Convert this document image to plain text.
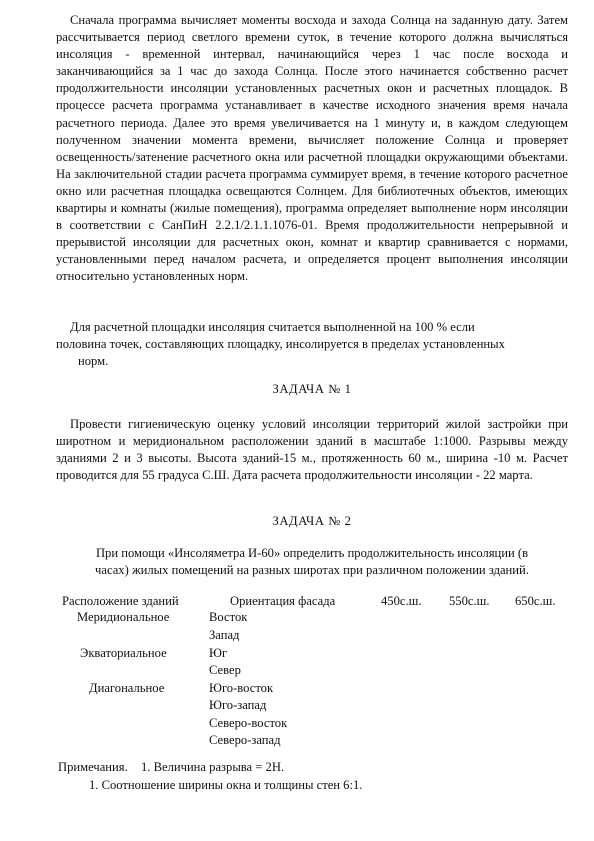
Сначала программа вычисляет моменты восхода и захода Солнца на заданную дату. Затем рассчитывается период светлого времени суток, в течение которого должна вычисляться инсоляция - временной интервал, начинающийся через 1 час после восхода и заканчивающийся за 1 час до захода Солнца. После этого начинается собственно расчет продолжительности инсоляции установленных расчетных окон и расчетных площадок. В процессе расчета программа устанавливает в качестве исходного значения время начала расчетного периода. Далее это время увеличивается на 1 минуту и, в каждом следующем полученном значении момента времени, вычисляет положение Солнца и проверяет освещенность/затенение расчетного окна или расчетной площадки окружающими объектами. На заключительной стадии расчета программа суммирует время, в течение которого расчетное окно или расчетная площадка освещаются Солнцем. Для библиотечных объектов, имеющих квартиры и комнаты (жилые помещения), программа определяет выполнение норм инсоляции в соответствии с СанПиН 2.2.1/2.1.1.1076-01. Время продолжительности непрерывной и прерывистой инсоляции для расчетных окон, комнат и квартир сравнивается с нормами, установленными перед началом расчета, и определяется процент выполнения инсоляции относительно установленных норм.

Для расчетной площадки инсоляция считается выполненной на 100 % если
половина точек, составляющих площадку, инсолируется в пределах установленных
норм.

ЗАДАЧА № 1

Провести гигиеническую оценку условий инсоляции территорий жилой застройки при широтном и меридиональном расположении зданий в масштабе 1:1000. Разрывы между зданиями 2 и 3 высоты. Высота зданий-15 м., протяженность 60 м., ширина -10 м. Расчет проводится для 55 градуса С.Ш. Дата расчета продолжительности инсоляции - 22 марта.

ЗАДАЧА № 2

При помощи «Инсоляметра И-60» определить продолжительность инсоляции (в
часах) жилых помещений на разных широтах при различном положении зданий.
Расположение зданий	Ориентация фасада	450с.ш. 550с.ш. 650с.ш.
Меридиональное
Экваториальное
Диагональное
Восток
Запад
Юг
Север
Юго-восток
Юго-запад
Северо-восток
Северо-запад
Примечания. 1. Величина разрыва = 2Н.
1. Соотношение ширины окна и толщины стен 6:1.
